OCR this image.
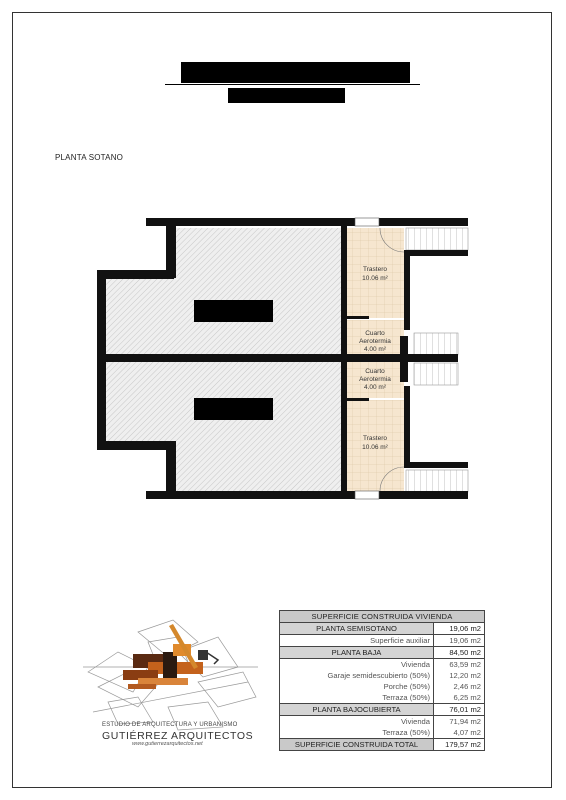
PLANTA SOTANO
Trastero
10.06 m²
Cuarto
Aerotermia
4.00 m²
Cuarto
Aerotermia
4.00 m²
Trastero
10.06 m²
ESTUDIO DE ARQUITECTURA Y URBANISMO
GUTIÉRREZ ARQUITECTOS
www.gutierrezarquitectos.net
SUPERFICIE CONSTRUIDA VIVIENDA	
PLANTA SEMISOTANO	19,06 m2
Superficie auxiliar	19,06 m2
PLANTA BAJA	84,50 m2
Vivienda	63,59 m2
Garaje semidescubierto (50%)	12,20 m2
Porche (50%)	2,46 m2
Terraza (50%)	6,25 m2
PLANTA BAJOCUBIERTA	76,01 m2
Vivienda	71,94 m2
Terraza (50%)	4,07 m2
SUPERFICIE CONSTRUIDA TOTAL	179,57 m2
